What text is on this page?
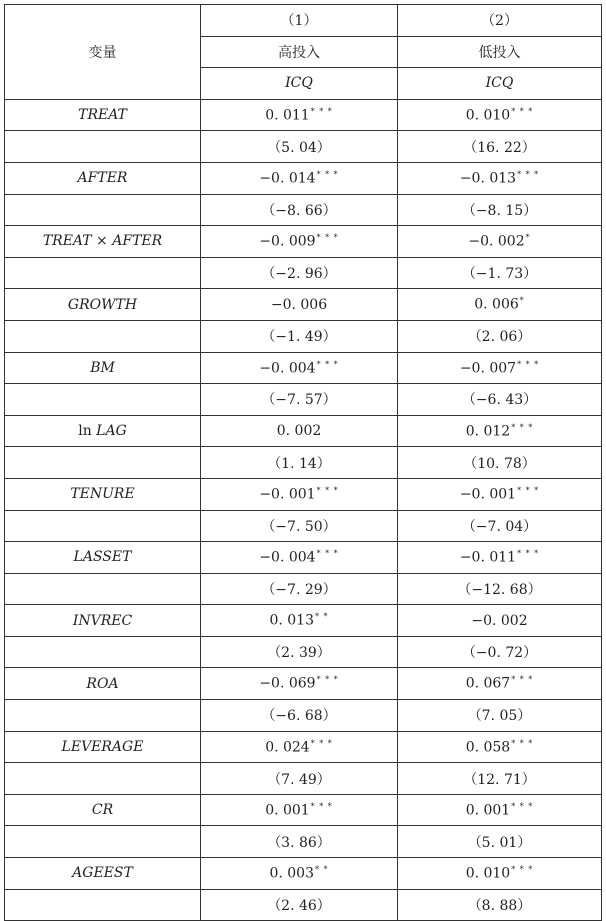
变量	（1）	（2）
	高投入	低投入
	ICQ	ICQ
TREAT	0. 011* * *	0. 010* * *
	（5. 04）	（16. 22）
AFTER	−0. 014* * *	−0. 013* * *
	（−8. 66）	（−8. 15）
TREAT × AFTER	−0. 009* * *	−0. 002*
	（−2. 96）	（−1. 73）
GROWTH	−0. 006	0. 006*
	（−1. 49）	（2. 06）
BM	−0. 004* * *	−0. 007* * *
	（−7. 57）	（−6. 43）
ln LAG	0. 002	0. 012* * *
	（1. 14）	（10. 78）
TENURE	−0. 001* * *	−0. 001* * *
	（−7. 50）	（−7. 04）
LASSET	−0. 004* * *	−0. 011* * *
	（−7. 29）	（−12. 68）
INVREC	0. 013* *	−0. 002
	（2. 39）	（−0. 72）
ROA	−0. 069* * *	0. 067* * *
	（−6. 68）	（7. 05）
LEVERAGE	0. 024* * *	0. 058* * *
	（7. 49）	（12. 71）
CR	0. 001* * *	0. 001* * *
	（3. 86）	（5. 01）
AGEEST	0. 003* *	0. 010* * *
	（2. 46）	（8. 88）
